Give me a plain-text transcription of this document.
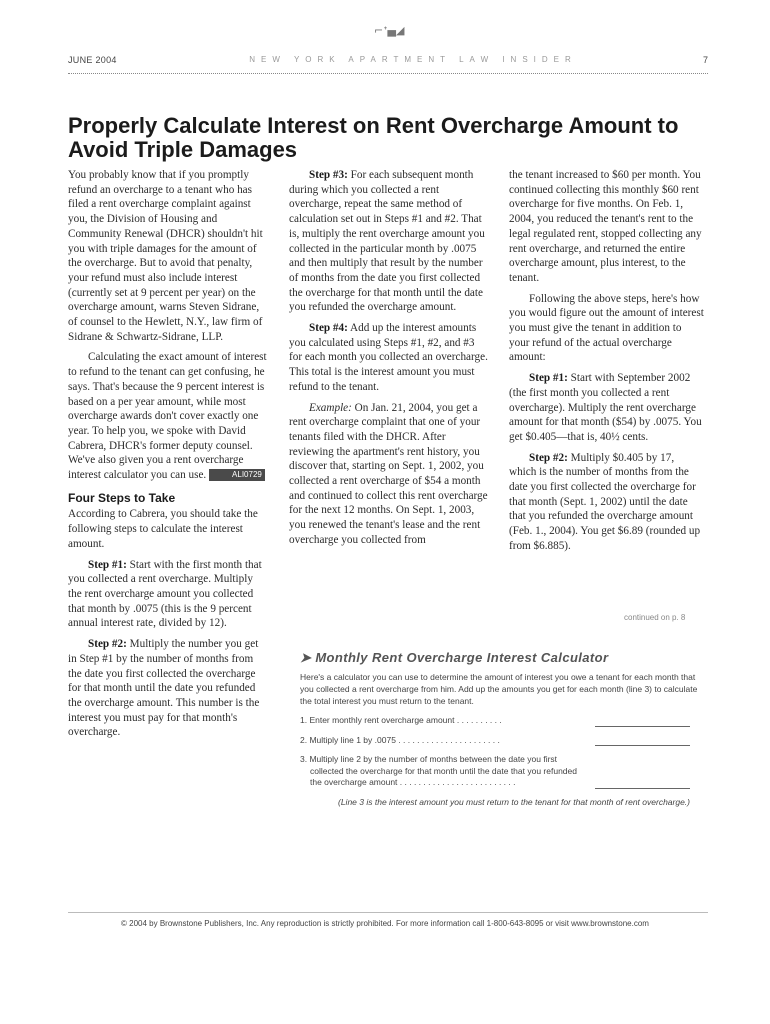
⌐ᐩ▄◢
JUNE 2004	NEW YORK APARTMENT LAW INSIDER	7
Properly Calculate Interest on Rent Overcharge Amount to Avoid Triple Damages

You probably know that if you promptly refund an overcharge to a tenant who has filed a rent overcharge complaint against you, the Division of Housing and Community Renewal (DHCR) shouldn't hit you with triple damages for the amount of the overcharge. But to avoid that penalty, your refund must also include interest (currently set at 9 percent per year) on the overcharge amount, warns Steven Sidrane, of counsel to the Hewlett, N.Y., law firm of Sidrane & Schwartz-Sidrane, LLP.

Calculating the exact amount of interest to refund to the tenant can get confusing, he says. That's because the 9 percent interest is based on a per year amount, while most overcharge awards don't cover exactly one year. To help you, we spoke with David Cabrera, DHCR's former deputy counsel. We've also given you a rent overcharge interest calculator you can use.	ALI0729

Four Steps to Take

According to Cabrera, you should take the following steps to calculate the interest amount.

Step #1: Start with the first month that you collected a rent overcharge. Multiply the rent overcharge amount you collected that month by .0075 (this is the 9 percent annual interest rate, divided by 12).

Step #2: Multiply the number you get in Step #1 by the number of months from the date you first collected the overcharge for that month until the date you refunded the overcharge amount. This number is the interest you must pay for that month's overcharge.

Step #3: For each subsequent month during which you collected a rent overcharge, repeat the same method of calculation set out in Steps #1 and #2. That is, multiply the rent overcharge amount you collected in the particular month by .0075 and then multiply that result by the number of months from the date you first collected the overcharge for that month until the date you refunded the overcharge amount.

Step #4: Add up the interest amounts you calculated using Steps #1, #2, and #3 for each month you collected an overcharge. This total is the interest amount you must refund to the tenant.

Example: On Jan. 21, 2004, you get a rent overcharge complaint that one of your tenants filed with the DHCR. After reviewing the apartment's rent history, you discover that, starting on Sept. 1, 2002, you collected a rent overcharge of $54 a month and continued to collect this rent overcharge for the next 12 months. On Sept. 1, 2003, you renewed the tenant's lease and the rent overcharge you collected from

the tenant increased to $60 per month. You continued collecting this monthly $60 rent overcharge for five months. On Feb. 1, 2004, you reduced the tenant's rent to the legal regulated rent, stopped collecting any rent overcharge, and returned the entire overcharge amount, plus interest, to the tenant.

Following the above steps, here's how you would figure out the amount of interest you must give the tenant in addition to your refund of the actual overcharge amount:

Step #1: Start with September 2002 (the first month you collected a rent overcharge). Multiply the rent overcharge amount for that month ($54) by .0075. You get $0.405—that is, 40½ cents.

Step #2: Multiply $0.405 by 17, which is the number of months from the date you first collected the overcharge for that month (Sept. 1, 2002) until the date that you refunded the overcharge amount (Feb. 1., 2004). You get $6.89 (rounded up from $6.885).

continued on p. 8
➤ Monthly Rent Overcharge Interest Calculator
Here's a calculator you can use to determine the amount of interest you owe a tenant for each month that you collected a rent overcharge from him. Add up the amounts you get for each month (line 3) to calculate the total interest you must return to the tenant.
1. Enter monthly rent overcharge amount . . . . . . . . . .
2. Multiply line 1 by .0075 . . . . . . . . . . . . . . . . . . . . . .
3. Multiply line 2 by the number of months between the date you first collected the overcharge for that month until the date that you refunded the overcharge amount . . . . . . . . . . . . . . . . . . . . . . . . .
(Line 3 is the interest amount you must return to the tenant for that month of rent overcharge.)
© 2004 by Brownstone Publishers, Inc. Any reproduction is strictly prohibited. For more information call 1-800-643-8095 or visit www.brownstone.com
